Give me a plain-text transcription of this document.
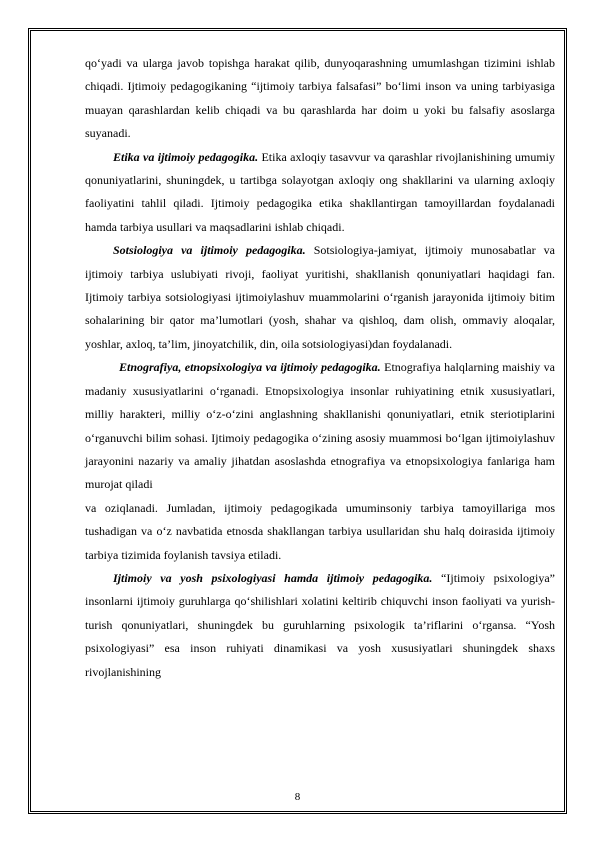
qo‘yadi va ularga javob topishga harakat qilib, dunyoqarashning umumlashgan tizimini ishlab chiqadi. Ijtimoiy pedagogikaning “ijtimoiy tarbiya falsafasi” bo‘limi inson va uning tarbiyasiga muayan qarashlardan kelib chiqadi va bu qarashlarda har doim u yoki bu falsafiy asoslarga suyanadi.

Etika va ijtimoiy pedagogika. Etika axloqiy tasavvur va qarashlar rivojlanishining umumiy qonuniyatlarini, shuningdek, u tartibga solayotgan axloqiy ong shakllarini va ularning axloqiy faoliyatini tahlil qiladi. Ijtimoiy pedagogika etika shakllantirgan tamoyillardan foydalanadi hamda tarbiya usullari va maqsadlarini ishlab chiqadi.

Sotsiologiya va ijtimoiy pedagogika. Sotsiologiya-jamiyat, ijtimoiy munosabatlar va ijtimoiy tarbiya uslubiyati rivoji, faoliyat yuritishi, shakllanish qonuniyatlari haqidagi fan. Ijtimoiy tarbiya sotsiologiyasi ijtimoiylashuv muammolarini o‘rganish jarayonida ijtimoiy bitim sohalarining bir qator ma’lumotlari (yosh, shahar va qishloq, dam olish, ommaviy aloqalar, yoshlar, axloq, ta’lim, jinoyatchilik, din, oila sotsiologiyasi)dan foydalanadi.

Etnografiya, etnopsixologiya va ijtimoiy pedagogika. Etnografiya halqlarning maishiy va madaniy xususiyatlarini o‘rganadi. Etnopsixologiya insonlar ruhiyatining etnik xususiyatlari, milliy harakteri, milliy o‘z-o‘zini anglashning shakllanishi qonuniyatlari, etnik steriotiplarini o‘rganuvchi bilim sohasi. Ijtimoiy pedagogika o‘zining asosiy muammosi bo‘lgan ijtimoiylashuv jarayonini nazariy va amaliy jihatdan asoslashda etnografiya va etnopsixologiya fanlariga ham murojat qiladi

va oziqlanadi. Jumladan, ijtimoiy pedagogikada umuminsoniy tarbiya tamoyillariga mos tushadigan va o‘z navbatida etnosda shakllangan tarbiya usullaridan shu halq doirasida ijtimoiy tarbiya tizimida foylanish tavsiya etiladi.

Ijtimoiy va yosh psixologiyasi hamda ijtimoiy pedagogika. “Ijtimoiy psixologiya” insonlarni ijtimoiy guruhlarga qo‘shilishlari xolatini keltirib chiquvchi inson faoliyati va yurish-turish qonuniyatlari, shuningdek bu guruhlarning psixologik ta’riflarini o‘rgansa. “Yosh psixologiyasi” esa inson ruhiyati dinamikasi va yosh xususiyatlari shuningdek shaxs rivojlanishining

8
